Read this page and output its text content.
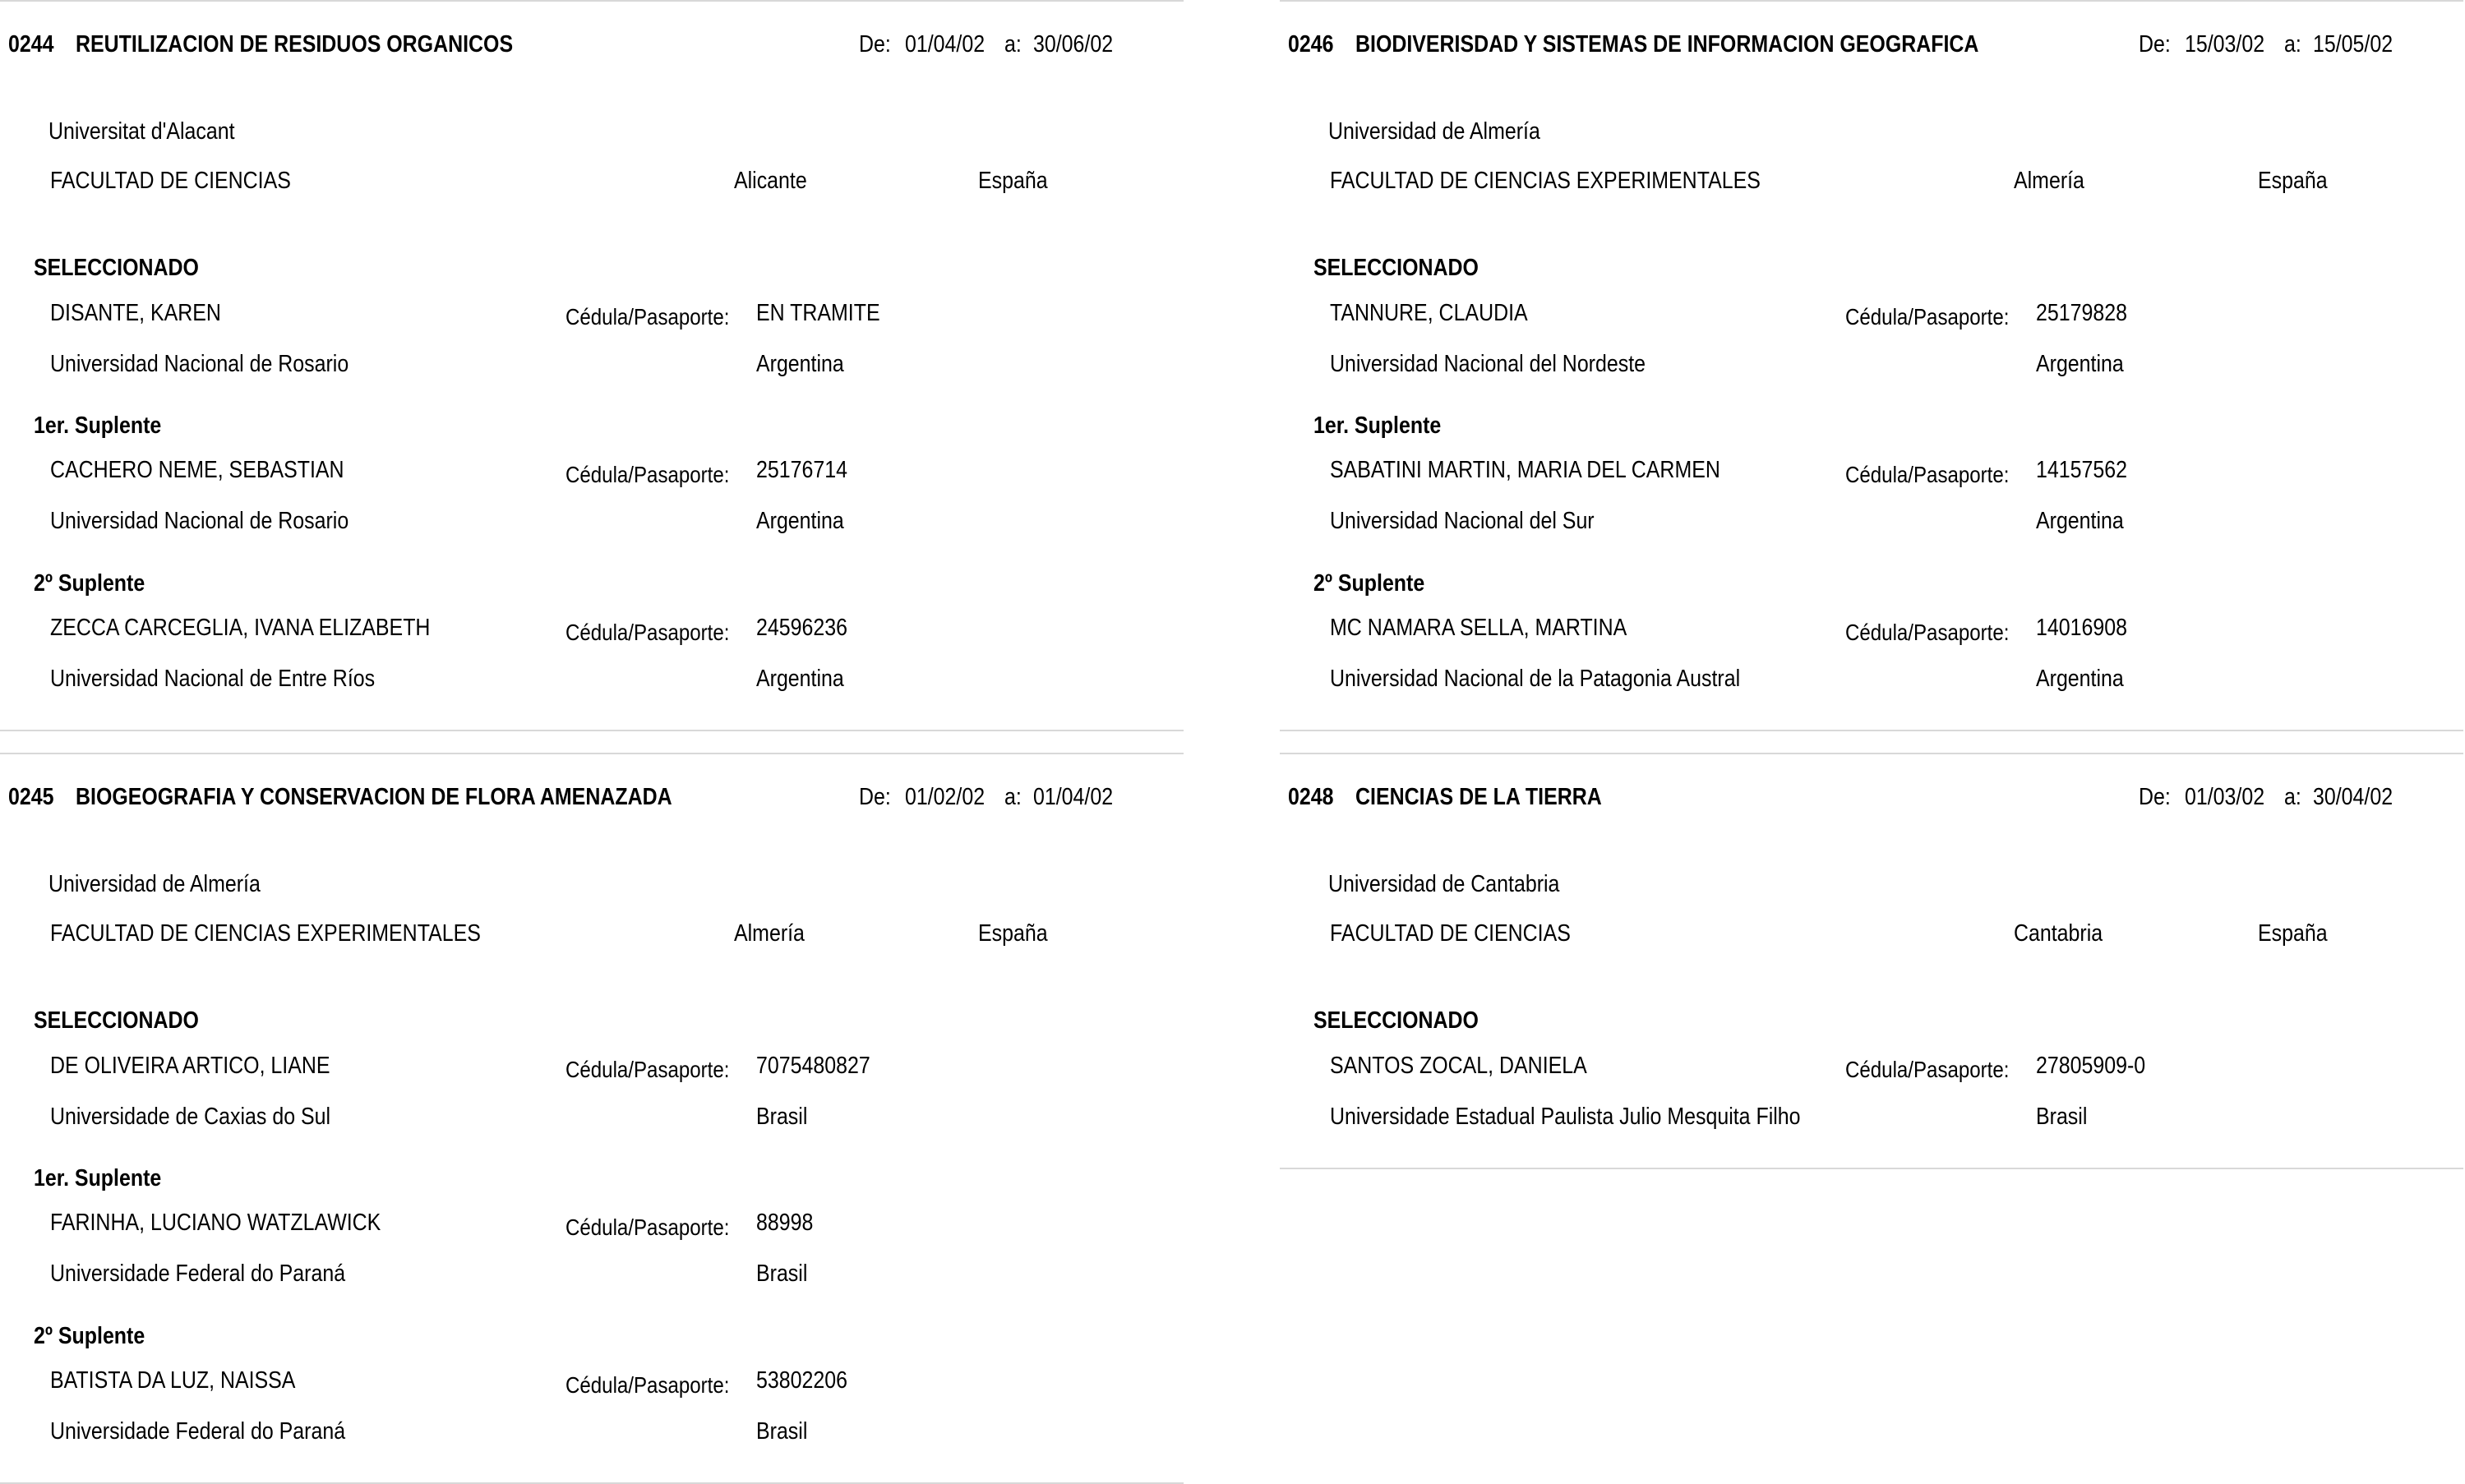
0244 REUTILIZACION DE RESIDUOS ORGANICOS	De: 01/04/02 a: 30/06/02
Universitat d'Alacant
FACULTAD DE CIENCIAS	Alicante	España
SELECCIONADO
DISANTE, KAREN	Cédula/Pasaporte: EN TRAMITE
Universidad Nacional de Rosario	Argentina
1er. Suplente
CACHERO NEME, SEBASTIAN	Cédula/Pasaporte: 25176714
Universidad Nacional de Rosario	Argentina
2º Suplente
ZECCA CARCEGLIA, IVANA ELIZABETH	Cédula/Pasaporte: 24596236
Universidad Nacional de Entre Ríos	Argentina
0246 BIODIVERISDAD Y SISTEMAS DE INFORMACION GEOGRAFICA	De: 15/03/02 a: 15/05/02
Universidad de Almería
FACULTAD DE CIENCIAS EXPERIMENTALES	Almería	España
SELECCIONADO
TANNURE, CLAUDIA	Cédula/Pasaporte: 25179828
Universidad Nacional del Nordeste	Argentina
1er. Suplente
SABATINI MARTIN, MARIA DEL CARMEN	Cédula/Pasaporte: 14157562
Universidad Nacional del Sur	Argentina
2º Suplente
MC NAMARA SELLA, MARTINA	Cédula/Pasaporte: 14016908
Universidad Nacional de la Patagonia Austral	Argentina
0245 BIOGEOGRAFIA Y CONSERVACION DE FLORA AMENAZADA	De: 01/02/02 a: 01/04/02
Universidad de Almería
FACULTAD DE CIENCIAS EXPERIMENTALES	Almería	España
SELECCIONADO
DE OLIVEIRA ARTICO, LIANE	Cédula/Pasaporte: 7075480827
Universidade de Caxias do Sul	Brasil
1er. Suplente
FARINHA, LUCIANO WATZLAWICK	Cédula/Pasaporte: 88998
Universidade Federal do Paraná	Brasil
2º Suplente
BATISTA DA LUZ, NAISSA	Cédula/Pasaporte: 53802206
Universidade Federal do Paraná	Brasil
0248 CIENCIAS DE LA TIERRA	De: 01/03/02 a: 30/04/02
Universidad de Cantabria
FACULTAD DE CIENCIAS	Cantabria	España
SELECCIONADO
SANTOS ZOCAL, DANIELA	Cédula/Pasaporte: 27805909-0
Universidade Estadual Paulista Julio Mesquita Filho	Brasil
